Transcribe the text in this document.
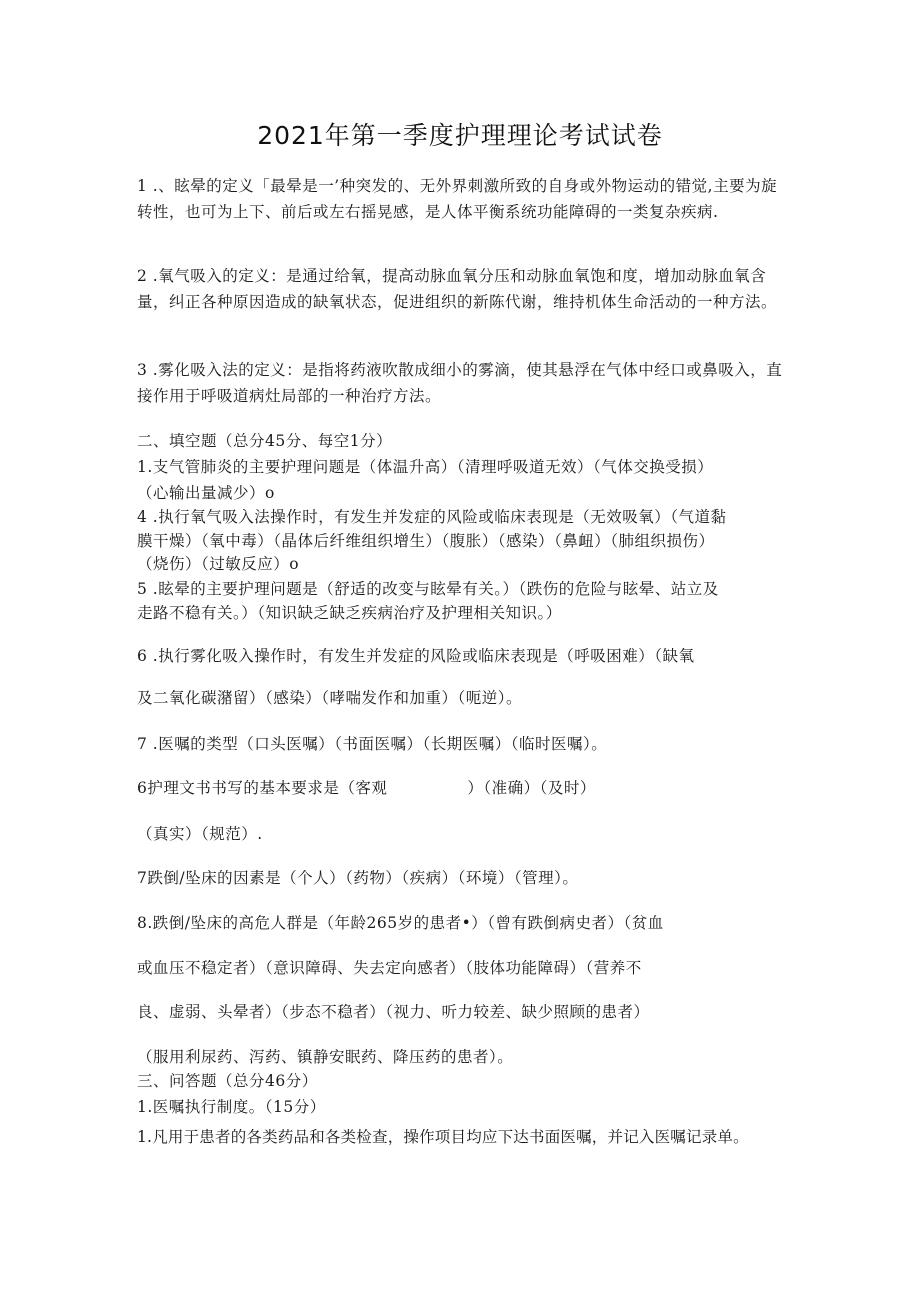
2021年第一季度护理理论考试试卷
1 .、眩晕的定义「最晕是一’种突发的、无外界刺激所致的自身或外物运动的错觉,主要为旋转性，也可为上下、前后或左右摇晃感，是人体平衡系统功能障碍的一类复杂疾病.
2 .氧气吸入的定义：是通过给氧，提高动脉血氧分压和动脉血氧饱和度，增加动脉血氧含量，纠正各种原因造成的缺氧状态，促进组织的新陈代谢，维持机体生命活动的一种方法。
3 .雾化吸入法的定义：是指将药液吹散成细小的雾滴，使其悬浮在气体中经口或鼻吸入，直接作用于呼吸道病灶局部的一种治疗方法。
二、填空题（总分45分、每空1分）
1.支气管肺炎的主要护理问题是（体温升高）（清理呼吸道无效）（气体交换受损）
（心输出量减少）o
4 .执行氧气吸入法操作时，有发生并发症的风险或临床表现是（无效吸氧）（气道黏
膜干燥）（氧中毒）（晶体后纤维组织增生）（腹胀）（感染）（鼻衄）（肺组织损伤）
（烧伤）（过敏反应）o
5 .眩晕的主要护理问题是（舒适的改变与眩晕有关。）（跌伤的危险与眩晕、站立及
走路不稳有关。）（知识缺乏缺乏疾病治疗及护理相关知识。）
6 .执行雾化吸入操作时，有发生并发症的风险或临床表现是（呼吸困难）（缺氧
及二氧化碳潴留）（感染）（哮喘发作和加重）（呃逆）。
7 .医嘱的类型（口头医嘱）（书面医嘱）（长期医嘱）（临时医嘱）。
6护理文书书写的基本要求是（客观　　　　　）（准确）（及时）
（真实）（规范）.
7跌倒/坠床的因素是（个人）（药物）（疾病）（环境）（管理）。
8.跌倒/坠床的高危人群是（年龄265岁的患者•）（曾有跌倒病史者）（贫血
或血压不稳定者）（意识障碍、失去定向感者）（肢体功能障碍）（营养不
良、虚弱、头晕者）（步态不稳者）（视力、听力较差、缺少照顾的患者）
（服用利尿药、泻药、镇静安眠药、降压药的患者）。
三、问答题（总分46分）
1.医嘱执行制度。（15分）
1.凡用于患者的各类药品和各类检查，操作项目均应下达书面医嘱，并记入医嘱记录单。
